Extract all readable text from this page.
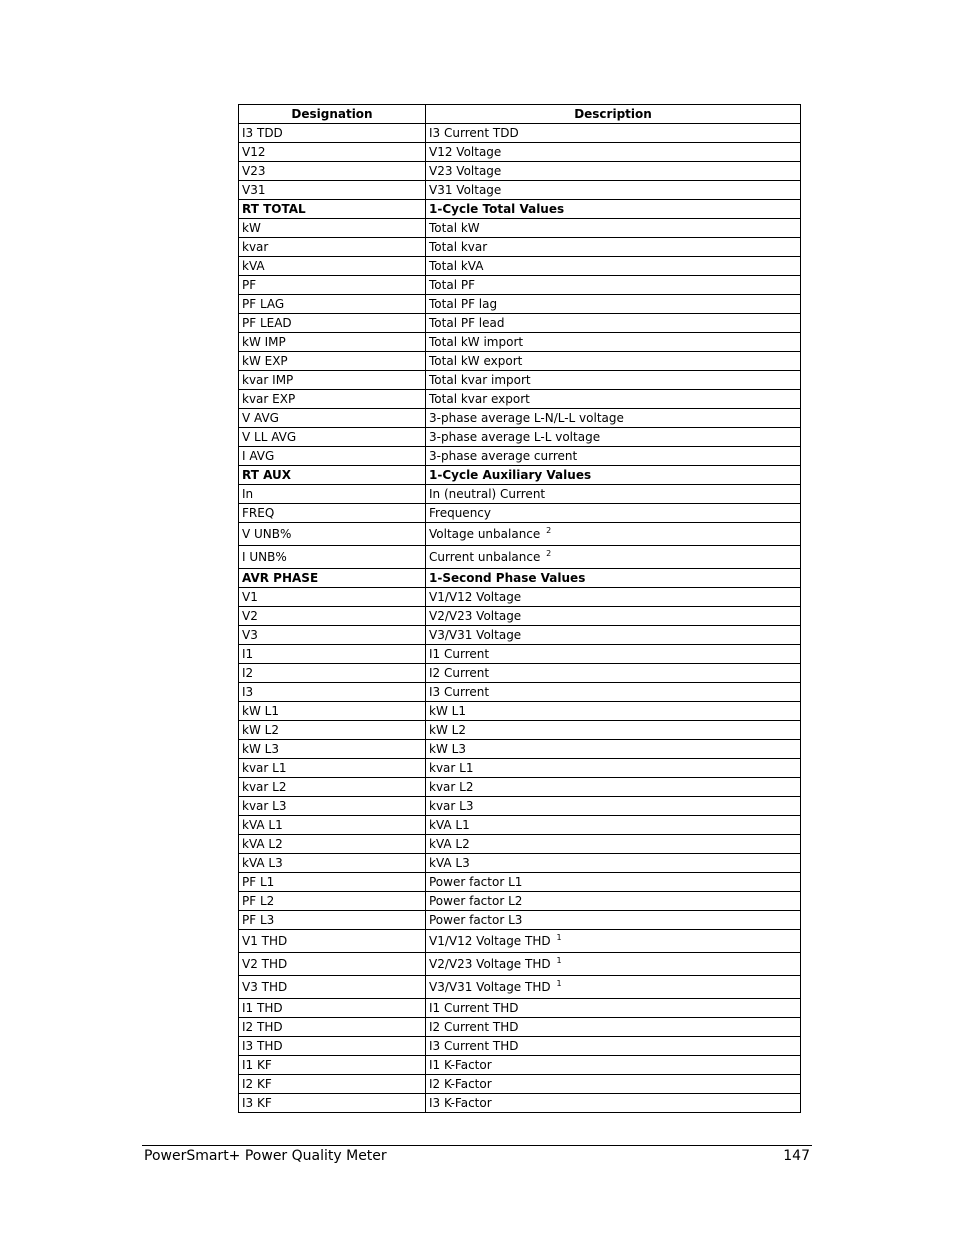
Designation	Description
I3 TDD	I3 Current TDD
V12	V12 Voltage
V23	V23 Voltage
V31	V31 Voltage
RT TOTAL	1-Cycle Total Values
kW	Total kW
kvar	Total kvar
kVA	Total kVA
PF	Total PF
PF LAG	Total PF lag
PF LEAD	Total PF lead
kW IMP	Total kW import
kW EXP	Total kW export
kvar IMP	Total kvar import
kvar EXP	Total kvar export
V AVG	3-phase average L-N/L-L voltage
V LL AVG	3-phase average L-L voltage
I AVG	3-phase average current
RT AUX	1-Cycle Auxiliary Values
In	In (neutral) Current
FREQ	Frequency
V UNB%	Voltage unbalance $^2$
I UNB%	Current unbalance $^2$
AVR PHASE	1-Second Phase Values
V1	V1/V12 Voltage
V2	V2/V23 Voltage
V3	V3/V31 Voltage
I1	I1 Current
I2	I2 Current
I3	I3 Current
kW L1	kW L1
kW L2	kW L2
kW L3	kW L3
kvar L1	kvar L1
kvar L2	kvar L2
kvar L3	kvar L3
kVA L1	kVA L1
kVA L2	kVA L2
kVA L3	kVA L3
PF L1	Power factor L1
PF L2	Power factor L2
PF L3	Power factor L3
V1 THD	V1/V12 Voltage THD $^1$
V2 THD	V2/V23 Voltage THD $^1$
V3 THD	V3/V31 Voltage THD $^1$
I1 THD	I1 Current THD
I2 THD	I2 Current THD
I3 THD	I3 Current THD
I1 KF	I1 K-Factor
I2 KF	I2 K-Factor
I3 KF	I3 K-Factor
PowerSmart+ Power Quality Meter	147
